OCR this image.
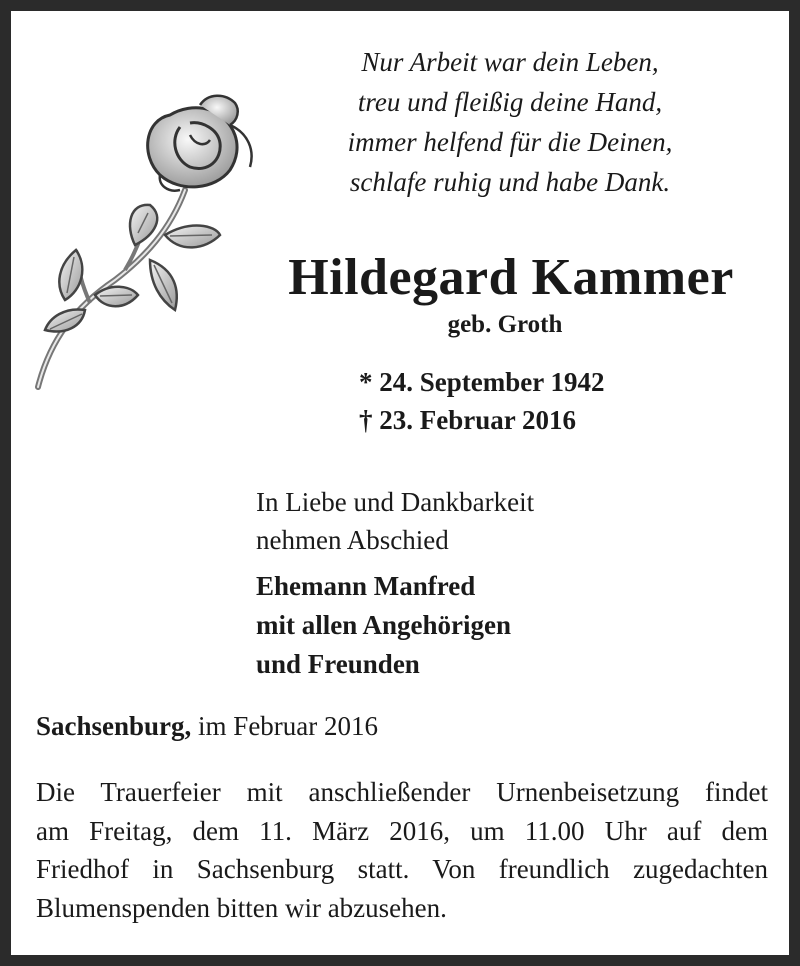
Nur Arbeit war dein Leben,
treu und fleißig deine Hand,
immer helfend für die Deinen,
schlafe ruhig und habe Dank.
Hildegard Kammer
geb. Groth
* 24. September 1942
† 23. Februar 2016
In Liebe und Dankbarkeit
nehmen Abschied
Ehemann Manfred
mit allen Angehörigen
und Freunden
Sachsenburg, im Februar 2016
Die Trauerfeier mit anschließender Urnenbeisetzung findet
am Freitag, dem 11. März 2016, um 11.00 Uhr auf dem
Friedhof in Sachsenburg statt. Von freundlich zugedachten
Blumenspenden bitten wir abzusehen.
